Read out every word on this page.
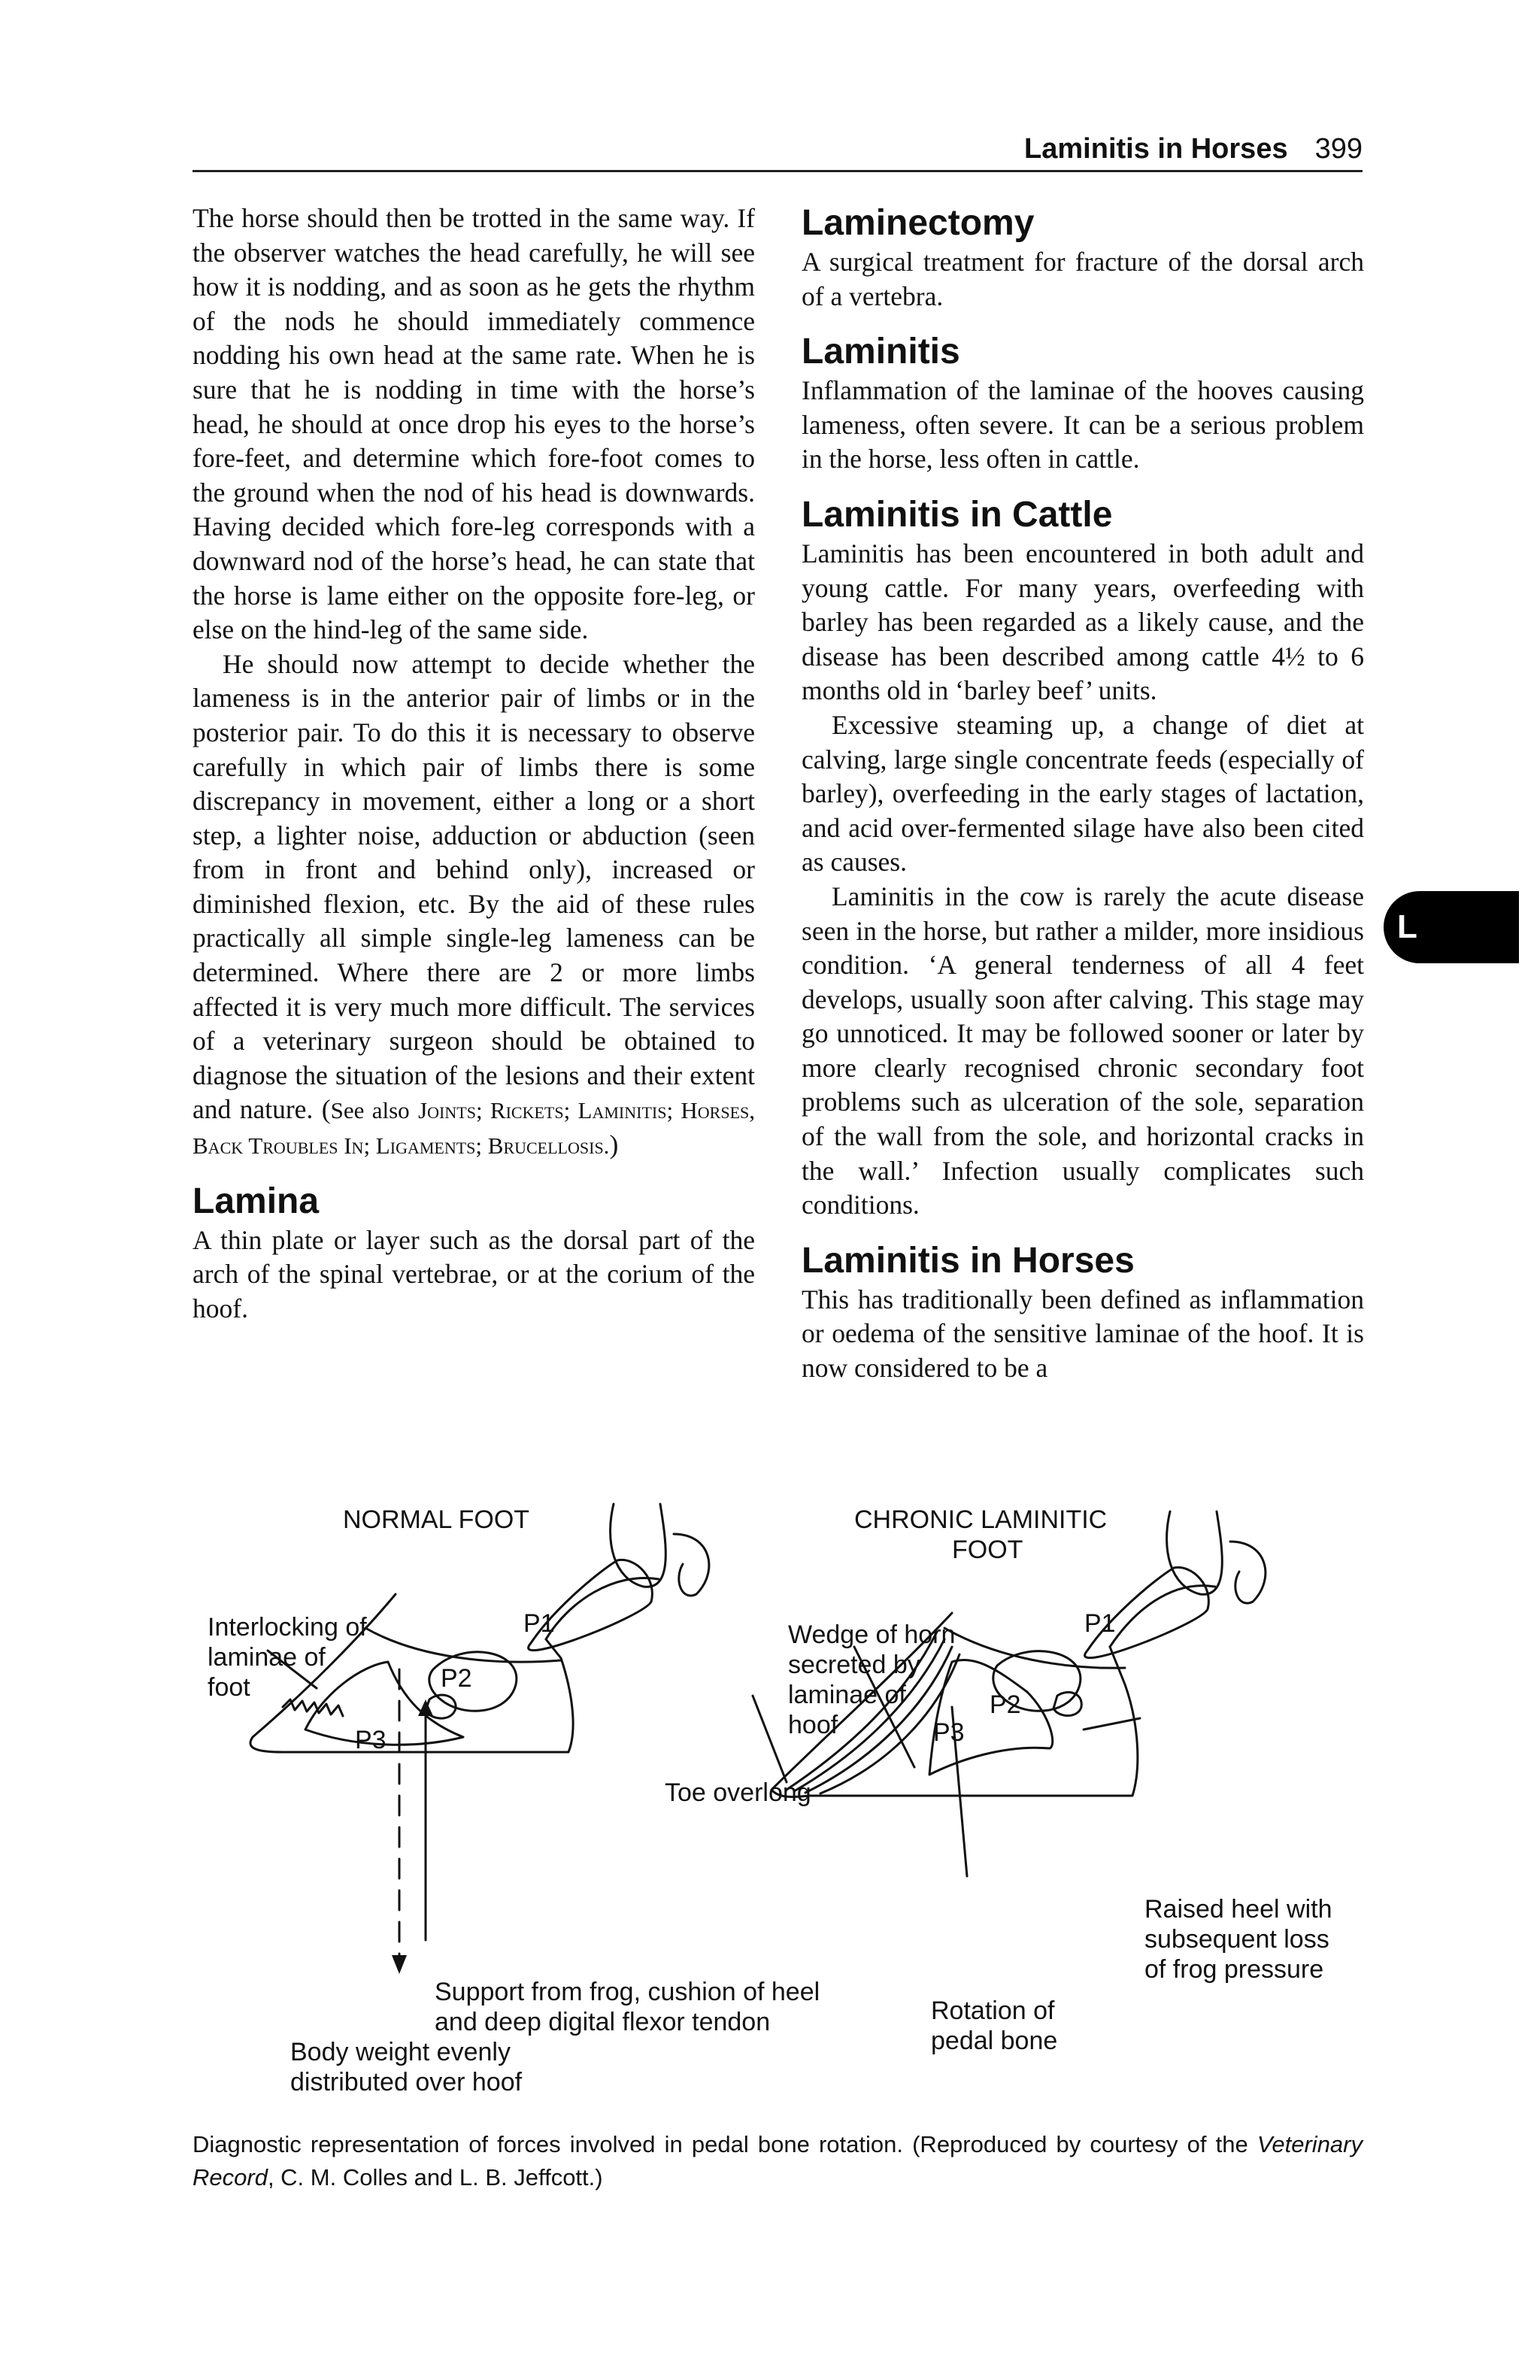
Laminitis in Horses 399

The horse should then be trotted in the same way. If the observer watches the head carefully, he will see how it is nodding, and as soon as he gets the rhythm of the nods he should immediately commence nodding his own head at the same rate. When he is sure that he is nodding in time with the horse’s head, he should at once drop his eyes to the horse’s fore-feet, and determine which fore-foot comes to the ground when the nod of his head is downwards. Having decided which fore-leg corresponds with a downward nod of the horse’s head, he can state that the horse is lame either on the opposite fore-leg, or else on the hind-leg of the same side.

He should now attempt to decide whether the lameness is in the anterior pair of limbs or in the posterior pair. To do this it is necessary to observe carefully in which pair of limbs there is some discrepancy in movement, either a long or a short step, a lighter noise, adduction or abduction (seen from in front and behind only), increased or diminished flexion, etc. By the aid of these rules practically all simple single-leg lameness can be determined. Where there are 2 or more limbs affected it is very much more difficult. The services of a veterinary surgeon should be obtained to diagnose the situation of the lesions and their extent and nature. (See also Joints; Rickets; Laminitis; Horses, Back Troubles In; Ligaments; Brucellosis.)

Lamina

A thin plate or layer such as the dorsal part of the arch of the spinal vertebrae, or at the corium of the hoof.

Laminectomy

A surgical treatment for fracture of the dorsal arch of a vertebra.

Laminitis

Inflammation of the laminae of the hooves causing lameness, often severe. It can be a serious problem in the horse, less often in cattle.

Laminitis in Cattle

Laminitis has been encountered in both adult and young cattle. For many years, overfeeding with barley has been regarded as a likely cause, and the disease has been described among cattle 4½ to 6 months old in ‘barley beef’ units.

Excessive steaming up, a change of diet at calving, large single concentrate feeds (especially of barley), overfeeding in the early stages of lactation, and acid over-fermented silage have also been cited as causes.

Laminitis in the cow is rarely the acute disease seen in the horse, but rather a milder, more insidious condition. ‘A general tenderness of all 4 feet develops, usually soon after calving. This stage may go unnoticed. It may be followed sooner or later by more clearly recognised chronic secondary foot problems such as ulceration of the sole, separation of the wall from the sole, and horizontal cracks in the wall.’ Infection usually complicates such conditions.

Laminitis in Horses

This has traditionally been defined as inflammation or oedema of the sensitive laminae of the hoof. It is now considered to be a

L
NORMAL FOOT	CHRONIC LAMINITIC
FOOT
Interlocking of
laminae of
foot
P1
P2
P3
P1
P2
P3
Wedge of horn
secreted by
laminae of
hoof
Toe overlong
Support from frog, cushion of heel
and deep digital flexor tendon
Body weight evenly
distributed over hoof
Rotation of
pedal bone
Raised heel with
subsequent loss
of frog pressure
Diagnostic representation of forces involved in pedal bone rotation. (Reproduced by courtesy of the Veterinary Record, C. M. Colles and L. B. Jeffcott.)
